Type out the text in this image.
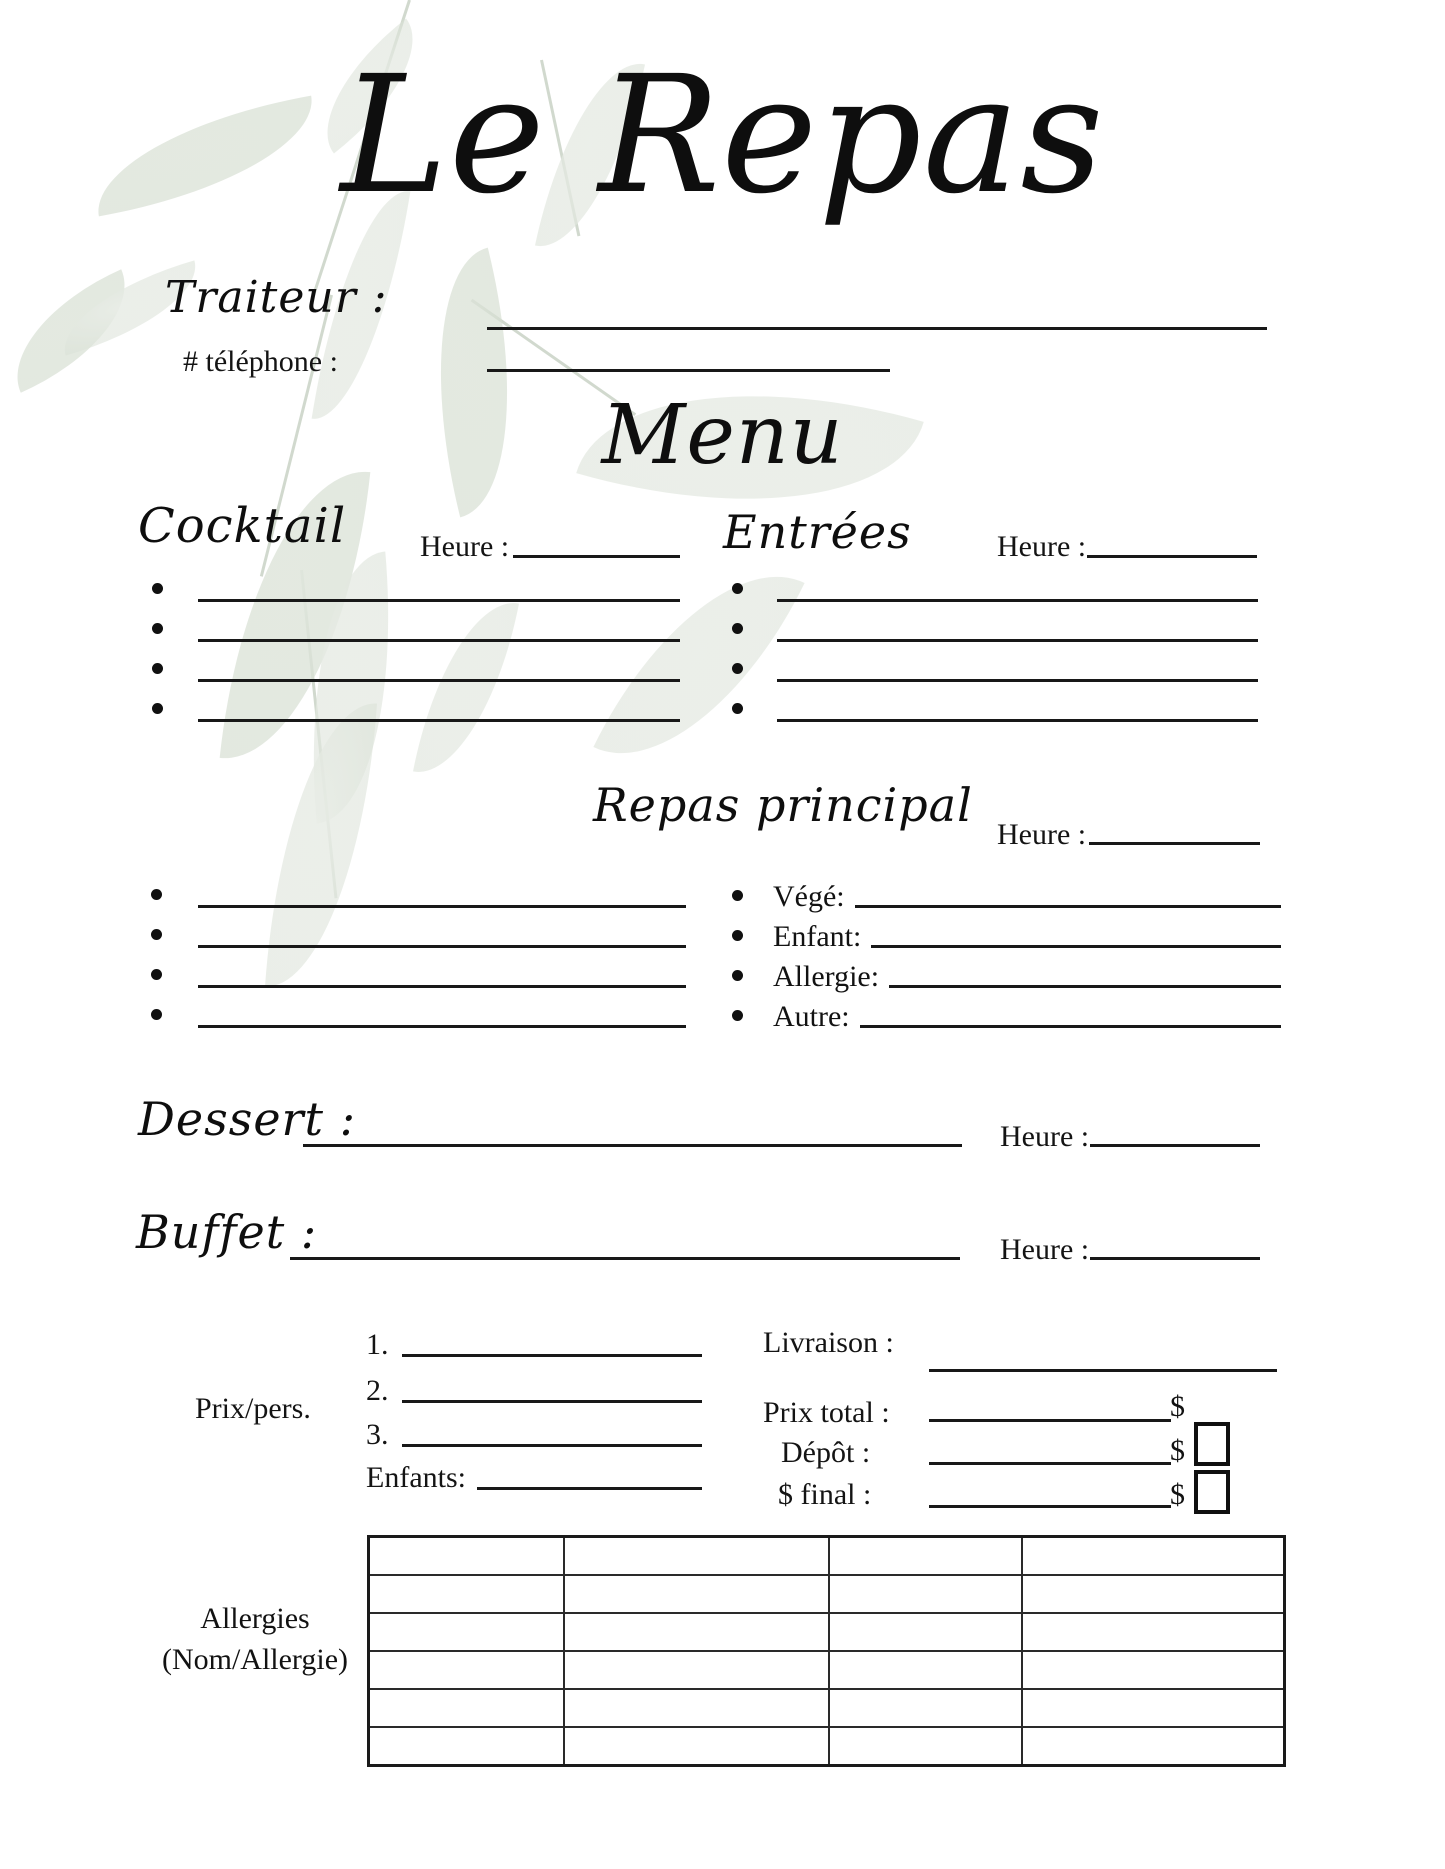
Le Repas
Traiteur :
# téléphone :
Menu
Cocktail Heure :	Entrées	Heure :
Repas principal
Heure :
Végé:
Enfant:
Allergie:
Autre:
Dessert :	Heure :
Buffet :	Heure :
Prix/pers.
1.
2.
3.
Enfants:
Livraison :
Prix total :	$
Dépôt :	$
$ final :	$
Allergies
(Nom/Allergie)
